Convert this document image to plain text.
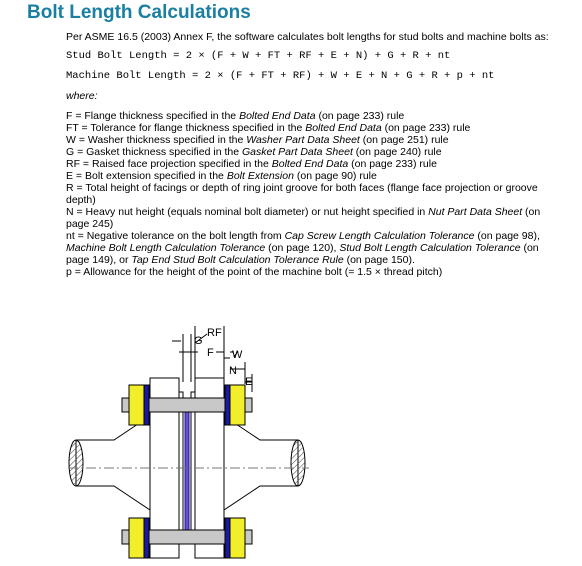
Bolt Length Calculations

Per ASME 16.5 (2003) Annex F, the software calculates bolt lengths for stud bolts and machine bolts as:

Stud Bolt Length = 2 × (F + W + FT + RF + E + N) + G + R + nt
Machine Bolt Length = 2 × (F + FT + RF) + W + E + N + G + R + p + nt

where:

F = Flange thickness specified in the Bolted End Data (on page 233) rule

FT = Tolerance for flange thickness specified in the Bolted End Data (on page 233) rule

W = Washer thickness specified in the Washer Part Data Sheet (on page 251) rule

G = Gasket thickness specified in the Gasket Part Data Sheet (on page 240) rule

RF = Raised face projection specified in the Bolted End Data (on page 233) rule

E = Bolt extension specified in the Bolt Extension (on page 90) rule

R = Total height of facings or depth of ring joint groove for both faces (flange face projection or groove depth)

N = Heavy nut height (equals nominal bolt diameter) or nut height specified in Nut Part Data Sheet (on page 245)

nt = Negative tolerance on the bolt length from Cap Screw Length Calculation Tolerance (on page 98), Machine Bolt Length Calculation Tolerance (on page 120), Stud Bolt Length Calculation Tolerance (on page 149), or Tap End Stud Bolt Calculation Tolerance Rule (on page 150).

p = Allowance for the height of the point of the machine bolt (= 1.5 × thread pitch)

G
RF
F W
N
E
